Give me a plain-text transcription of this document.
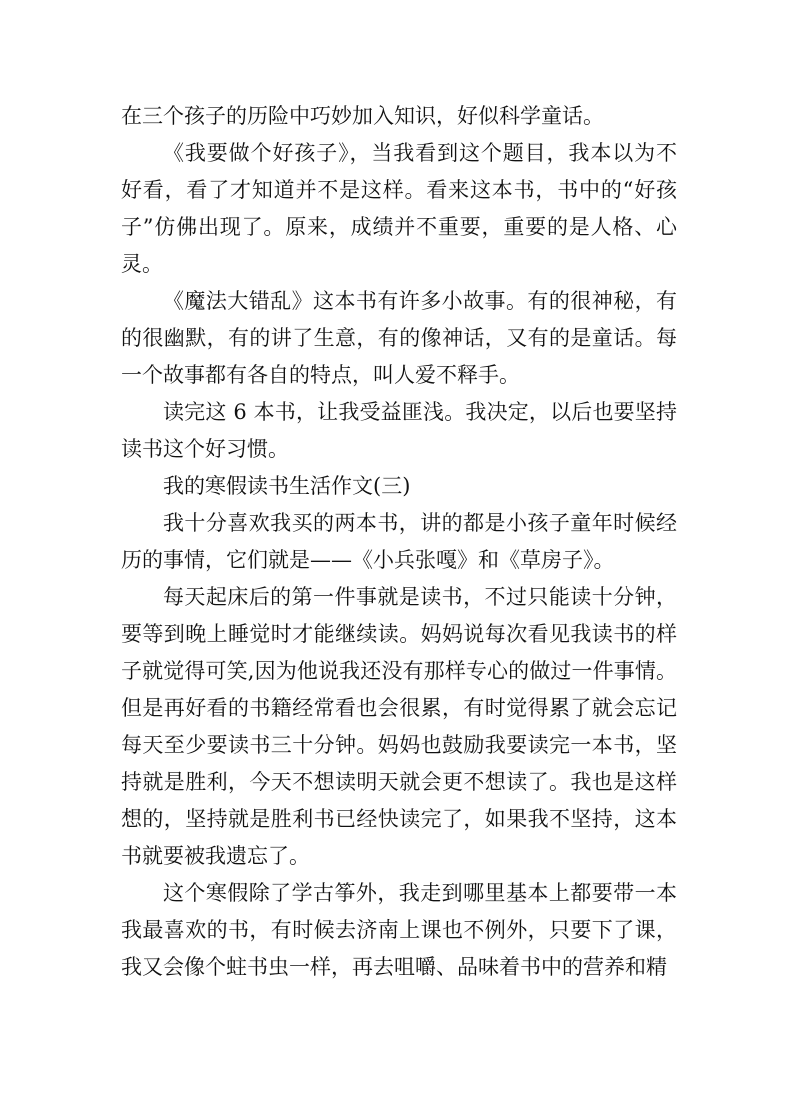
在三个孩子的历险中巧妙加入知识，好似科学童话。

《我要做个好孩子》，当我看到这个题目，我本以为不好看，看了才知道并不是这样。看来这本书，书中的“好孩子”仿佛出现了。原来，成绩并不重要，重要的是人格、心灵。

《魔法大错乱》这本书有许多小故事。有的很神秘，有的很幽默，有的讲了生意，有的像神话，又有的是童话。每一个故事都有各自的特点，叫人爱不释手。

读完这 6 本书，让我受益匪浅。我决定，以后也要坚持读书这个好习惯。

我的寒假读书生活作文(三)

我十分喜欢我买的两本书，讲的都是小孩子童年时候经历的事情，它们就是——《小兵张嘎》和《草房子》。

每天起床后的第一件事就是读书，不过只能读十分钟，要等到晚上睡觉时才能继续读。妈妈说每次看见我读书的样子就觉得可笑,因为他说我还没有那样专心的做过一件事情。但是再好看的书籍经常看也会很累，有时觉得累了就会忘记每天至少要读书三十分钟。妈妈也鼓励我要读完一本书，坚持就是胜利，今天不想读明天就会更不想读了。我也是这样想的，坚持就是胜利书已经快读完了，如果我不坚持，这本书就要被我遗忘了。

这个寒假除了学古筝外，我走到哪里基本上都要带一本我最喜欢的书，有时候去济南上课也不例外，只要下了课，我又会像个蛀书虫一样，再去咀嚼、品味着书中的营养和精
